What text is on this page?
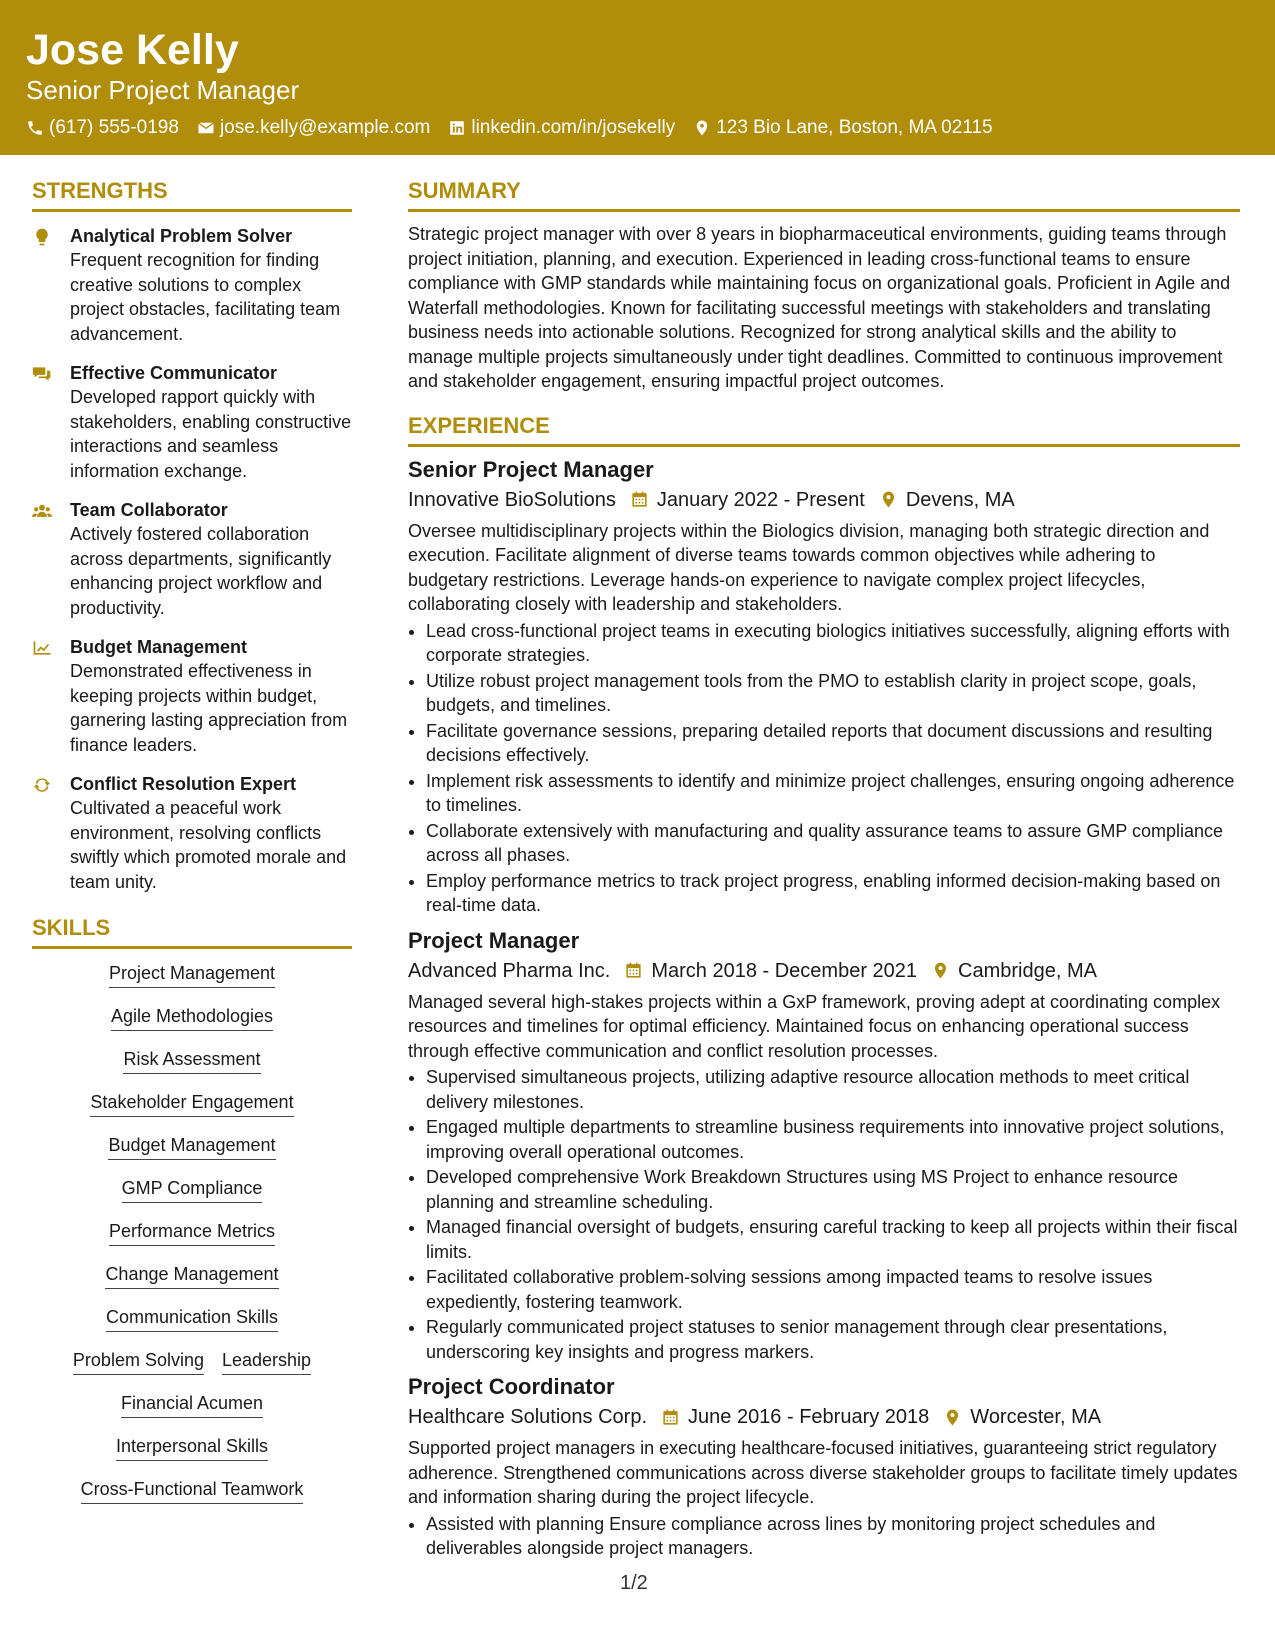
Jose Kelly
Senior Project Manager
(617) 555-0198 jose.kelly@example.com linkedin.com/in/josekelly 123 Bio Lane, Boston, MA 02115
STRENGTHS
Analytical Problem Solver
Frequent recognition for finding creative solutions to complex project obstacles, facilitating team advancement.
Effective Communicator
Developed rapport quickly with stakeholders, enabling constructive interactions and seamless information exchange.
Team Collaborator
Actively fostered collaboration across departments, significantly enhancing project workflow and productivity.
Budget Management
Demonstrated effectiveness in keeping projects within budget, garnering lasting appreciation from finance leaders.
Conflict Resolution Expert
Cultivated a peaceful work environment, resolving conflicts swiftly which promoted morale and team unity.
SKILLS
Project Management
Agile Methodologies
Risk Assessment
Stakeholder Engagement
Budget Management
GMP Compliance
Performance Metrics
Change Management
Communication Skills
Problem Solving Leadership
Financial Acumen
Interpersonal Skills
Cross-Functional Teamwork
SUMMARY
Strategic project manager with over 8 years in biopharmaceutical environments, guiding teams through project initiation, planning, and execution. Experienced in leading cross-functional teams to ensure compliance with GMP standards while maintaining focus on organizational goals. Proficient in Agile and Waterfall methodologies. Known for facilitating successful meetings with stakeholders and translating business needs into actionable solutions. Recognized for strong analytical skills and the ability to manage multiple projects simultaneously under tight deadlines. Committed to continuous improvement and stakeholder engagement, ensuring impactful project outcomes.
EXPERIENCE
Senior Project Manager
Innovative BioSolutions January 2022 - Present Devens, MA
Oversee multidisciplinary projects within the Biologics division, managing both strategic direction and execution. Facilitate alignment of diverse teams towards common objectives while adhering to budgetary restrictions. Leverage hands-on experience to navigate complex project lifecycles, collaborating closely with leadership and stakeholders.
• Lead cross-functional project teams in executing biologics initiatives successfully, aligning efforts with corporate strategies.
• Utilize robust project management tools from the PMO to establish clarity in project scope, goals, budgets, and timelines.
• Facilitate governance sessions, preparing detailed reports that document discussions and resulting decisions effectively.
• Implement risk assessments to identify and minimize project challenges, ensuring ongoing adherence to timelines.
• Collaborate extensively with manufacturing and quality assurance teams to assure GMP compliance across all phases.
• Employ performance metrics to track project progress, enabling informed decision-making based on real-time data.
Project Manager
Advanced Pharma Inc. March 2018 - December 2021 Cambridge, MA
Managed several high-stakes projects within a GxP framework, proving adept at coordinating complex resources and timelines for optimal efficiency. Maintained focus on enhancing operational success through effective communication and conflict resolution processes.
• Supervised simultaneous projects, utilizing adaptive resource allocation methods to meet critical delivery milestones.
• Engaged multiple departments to streamline business requirements into innovative project solutions, improving overall operational outcomes.
• Developed comprehensive Work Breakdown Structures using MS Project to enhance resource planning and streamline scheduling.
• Managed financial oversight of budgets, ensuring careful tracking to keep all projects within their fiscal limits.
• Facilitated collaborative problem-solving sessions among impacted teams to resolve issues expediently, fostering teamwork.
• Regularly communicated project statuses to senior management through clear presentations, underscoring key insights and progress markers.
Project Coordinator
Healthcare Solutions Corp. June 2016 - February 2018 Worcester, MA
Supported project managers in executing healthcare-focused initiatives, guaranteeing strict regulatory adherence. Strengthened communications across diverse stakeholder groups to facilitate timely updates and information sharing during the project lifecycle.
• Assisted with planning Ensure compliance across lines by monitoring project schedules and deliverables alongside project managers.
1/2
